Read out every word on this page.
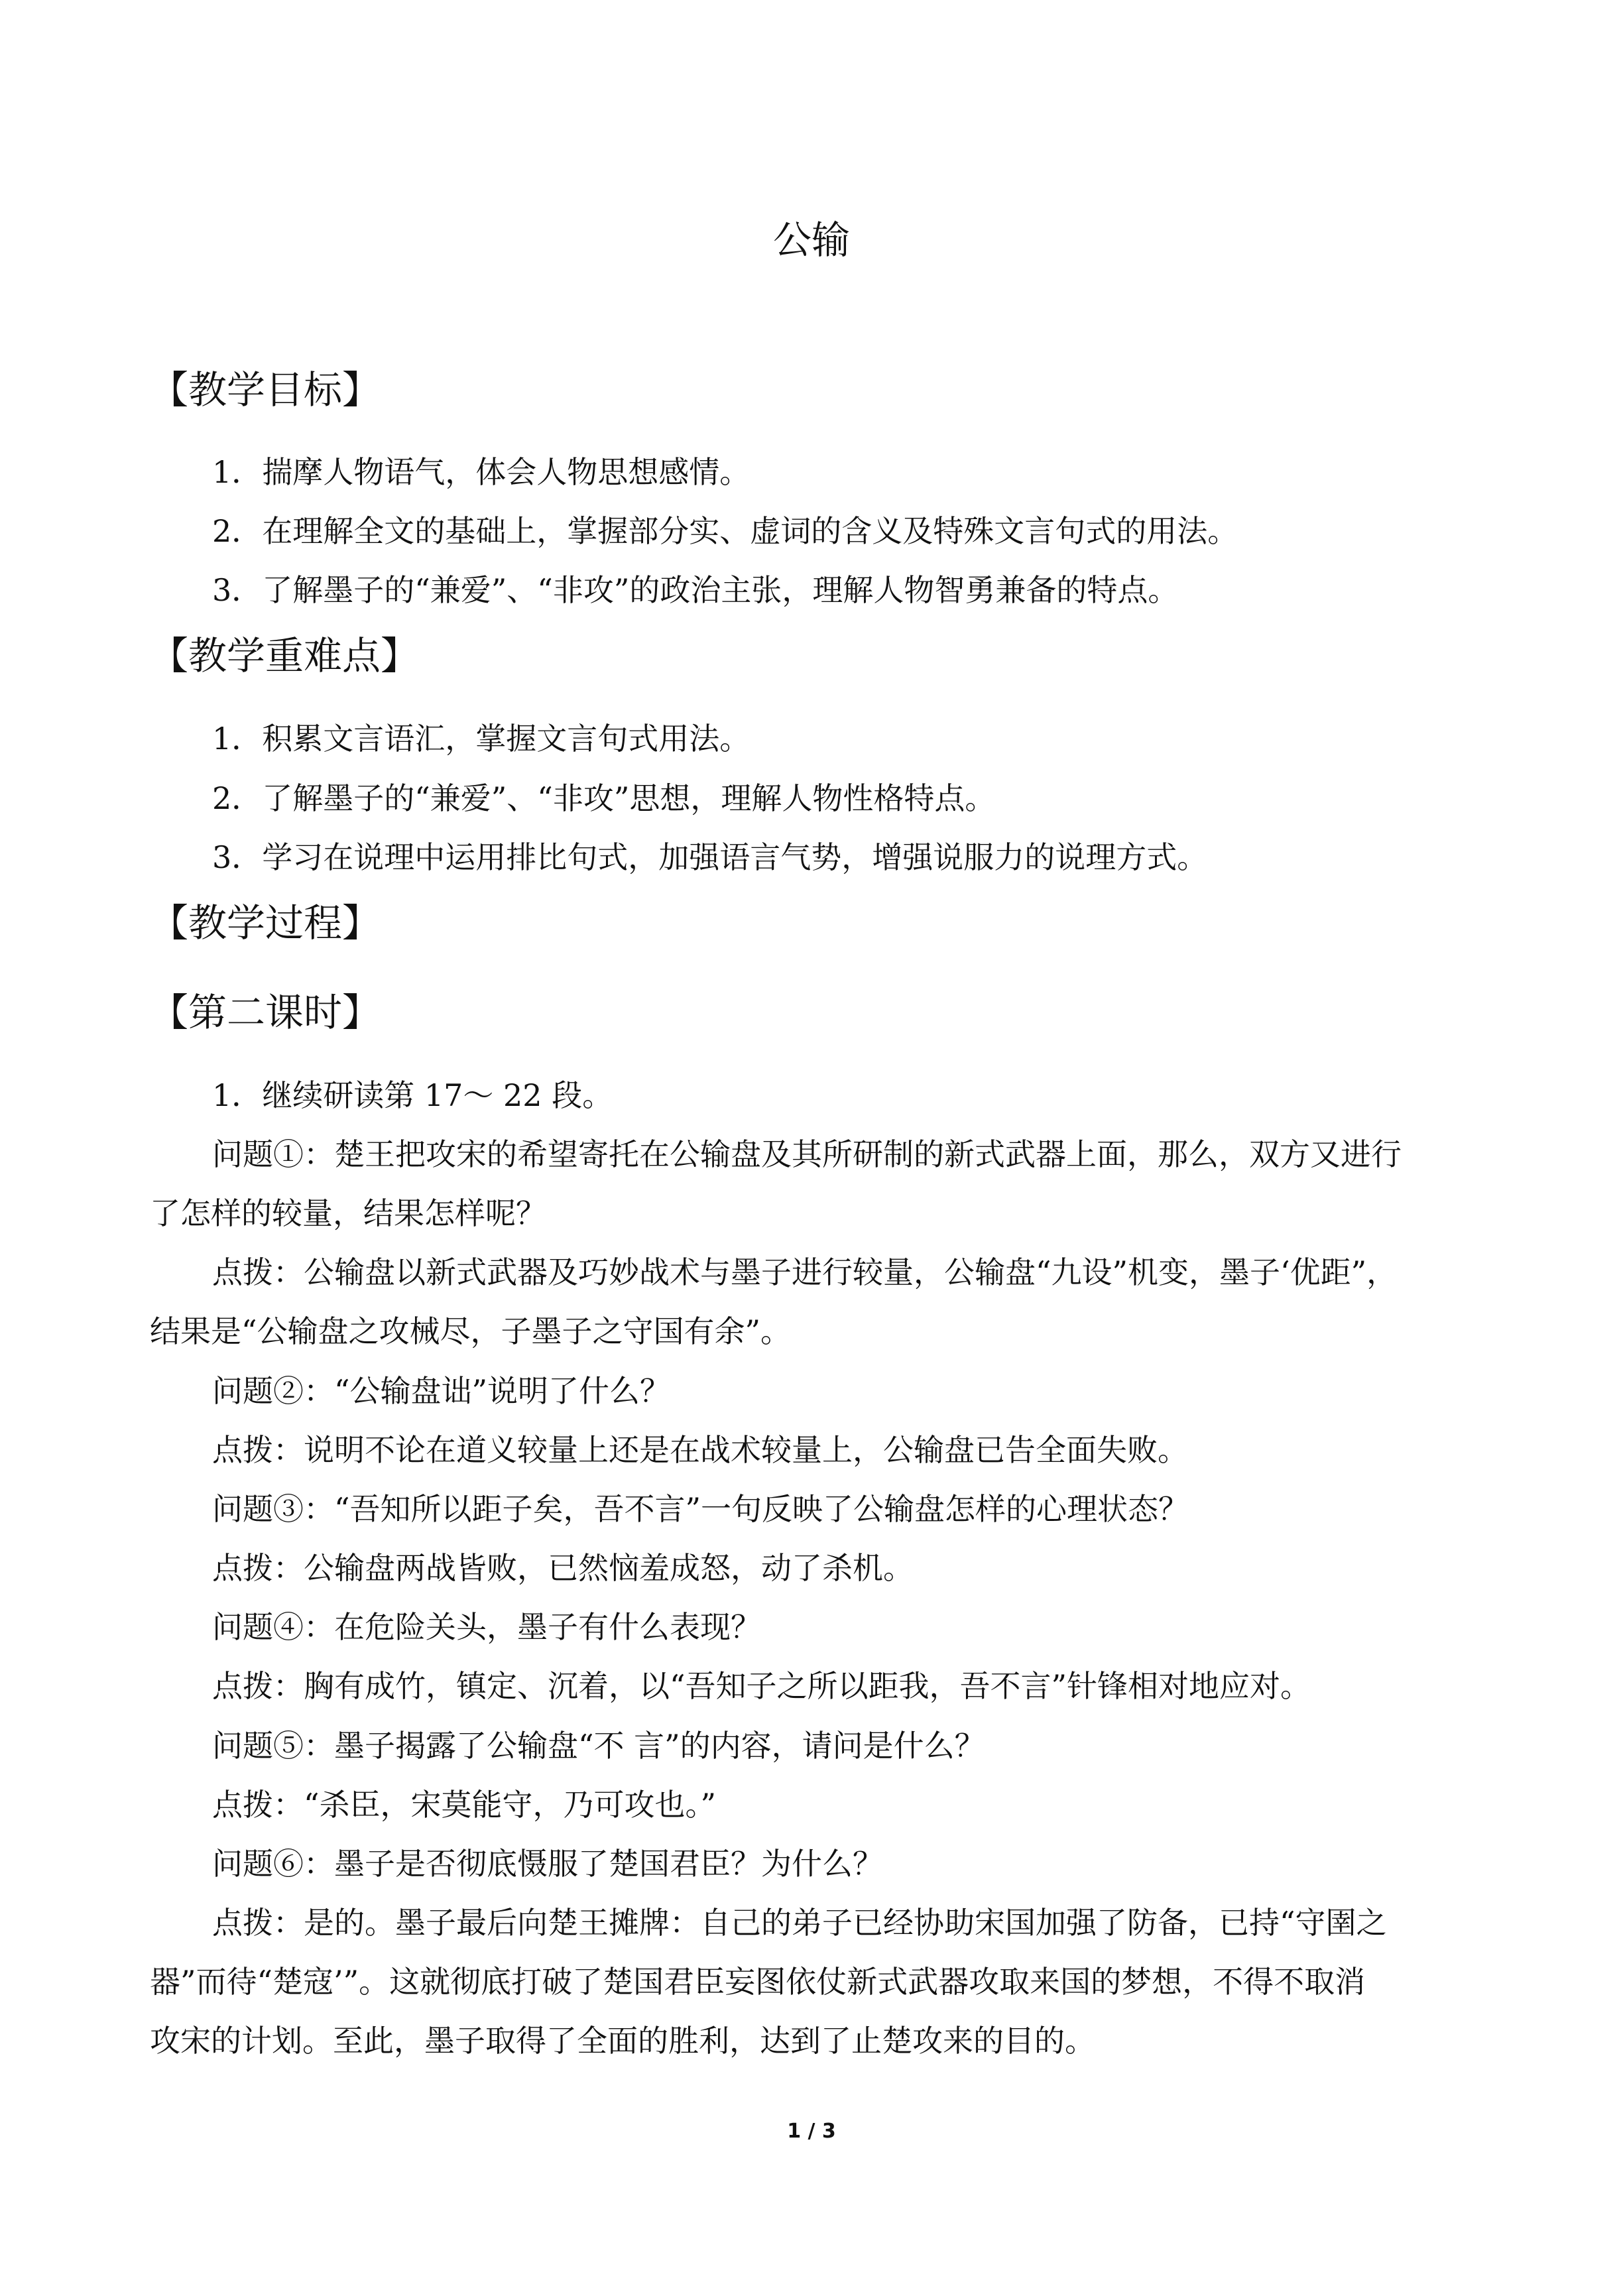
公输
【教学目标】
1．揣摩人物语气，体会人物思想感情。
2．在理解全文的基础上，掌握部分实、虚词的含义及特殊文言句式的用法。
3．了解墨子的“兼爱”、“非攻”的政治主张，理解人物智勇兼备的特点。
【教学重难点】
1．积累文言语汇，掌握文言句式用法。
2．了解墨子的“兼爱”、“非攻”思想，理解人物性格特点。
3．学习在说理中运用排比句式，加强语言气势，增强说服力的说理方式。
【教学过程】
【第二课时】
1．继续研读第 17～ 22 段。
问题①：楚王把攻宋的希望寄托在公输盘及其所研制的新式武器上面，那么，双方又进行
了怎样的较量，结果怎样呢？
点拨：公输盘以新式武器及巧妙战术与墨子进行较量，公输盘“九设”机变，墨子‘优距”，
结果是“公输盘之攻械尽，子墨子之守国有余”。
问题②：“公输盘诎”说明了什么？
点拨：说明不论在道义较量上还是在战术较量上，公输盘已告全面失败。
问题③：“吾知所以距子矣，吾不言”一句反映了公输盘怎样的心理状态？
点拨：公输盘两战皆败，已然恼羞成怒，动了杀机。
问题④：在危险关头，墨子有什么表现？
点拨：胸有成竹，镇定、沉着，以“吾知子之所以距我，吾不言”针锋相对地应对。
问题⑤：墨子揭露了公输盘“不 言”的内容，请问是什么？
点拨：“杀臣，宋莫能守，乃可攻也。”
问题⑥：墨子是否彻底慑服了楚国君臣？为什么？
点拨：是的。墨子最后向楚王摊牌：自己的弟子已经协助宋国加强了防备，已持“守圉之
器”而待“楚寇’”。这就彻底打破了楚国君臣妄图依仗新式武器攻取来国的梦想，不得不取消
攻宋的计划。至此，墨子取得了全面的胜利，达到了止楚攻来的目的。
1 / 3
